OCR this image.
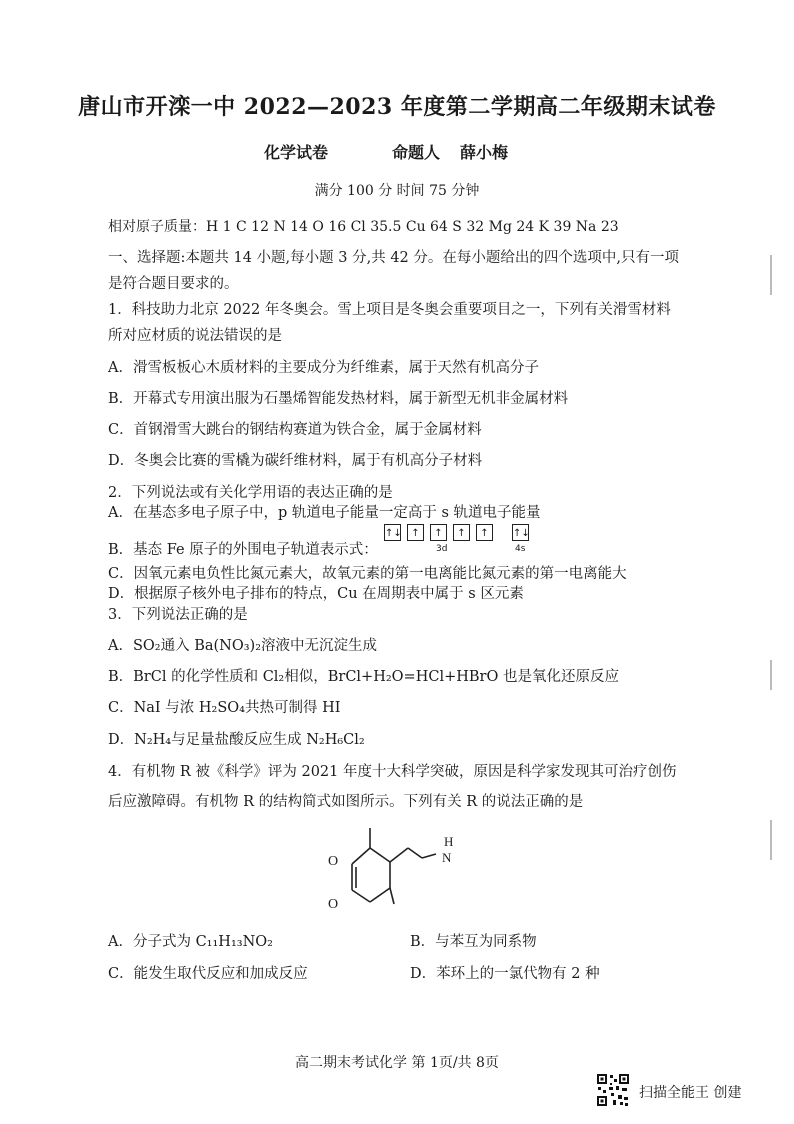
唐山市开滦一中 2022—2023 年度第二学期高二年级期末试卷
化学试卷	命题人 薛小梅
满分 100 分 时间 75 分钟
相对原子质量：H 1 C 12 N 14 O 16 Cl 35.5 Cu 64 S 32 Mg 24 K 39 Na 23
一、选择题:本题共 14 小题,每小题 3 分,共 42 分。在每小题给出的四个选项中,只有一项
是符合题目要求的。
1．科技助力北京 2022 年冬奥会。雪上项目是冬奥会重要项目之一，下列有关滑雪材料
所对应材质的说法错误的是
A．滑雪板板心木质材料的主要成分为纤维素，属于天然有机高分子
B．开幕式专用演出服为石墨烯智能发热材料，属于新型无机非金属材料
C．首钢滑雪大跳台的钢结构赛道为铁合金，属于金属材料
D．冬奥会比赛的雪橇为碳纤维材料，属于有机高分子材料
2．下列说法或有关化学用语的表达正确的是
A．在基态多电子原子中，p 轨道电子能量一定高于 s 轨道电子能量
B．基态 Fe 原子的外围电子轨道表示式：
↑↓ ↑	↑	↑	↑	↑↓
3d	4s
C．因氧元素电负性比氮元素大，故氧元素的第一电离能比氮元素的第一电离能大
D．根据原子核外电子排布的特点，Cu 在周期表中属于 s 区元素
3．下列说法正确的是
A．SO₂通入 Ba(NO₃)₂溶液中无沉淀生成
B．BrCl 的化学性质和 Cl₂相似，BrCl+H₂O=HCl+HBrO 也是氧化还原反应
C．NaI 与浓 H₂SO₄共热可制得 HI
D．N₂H₄与足量盐酸反应生成 N₂H₆Cl₂
4．有机物 R 被《科学》评为 2021 年度十大科学突破，原因是科学家发现其可治疗创伤
后应激障碍。有机物 R 的结构简式如图所示。下列有关 R 的说法正确的是
O
O
H
N
A．分子式为 C₁₁H₁₃NO₂	B．与苯互为同系物
C．能发生取代反应和加成反应	D．苯环上的一氯代物有 2 种
高二期末考试化学 第 1页/共 8页
扫描全能王 创建
